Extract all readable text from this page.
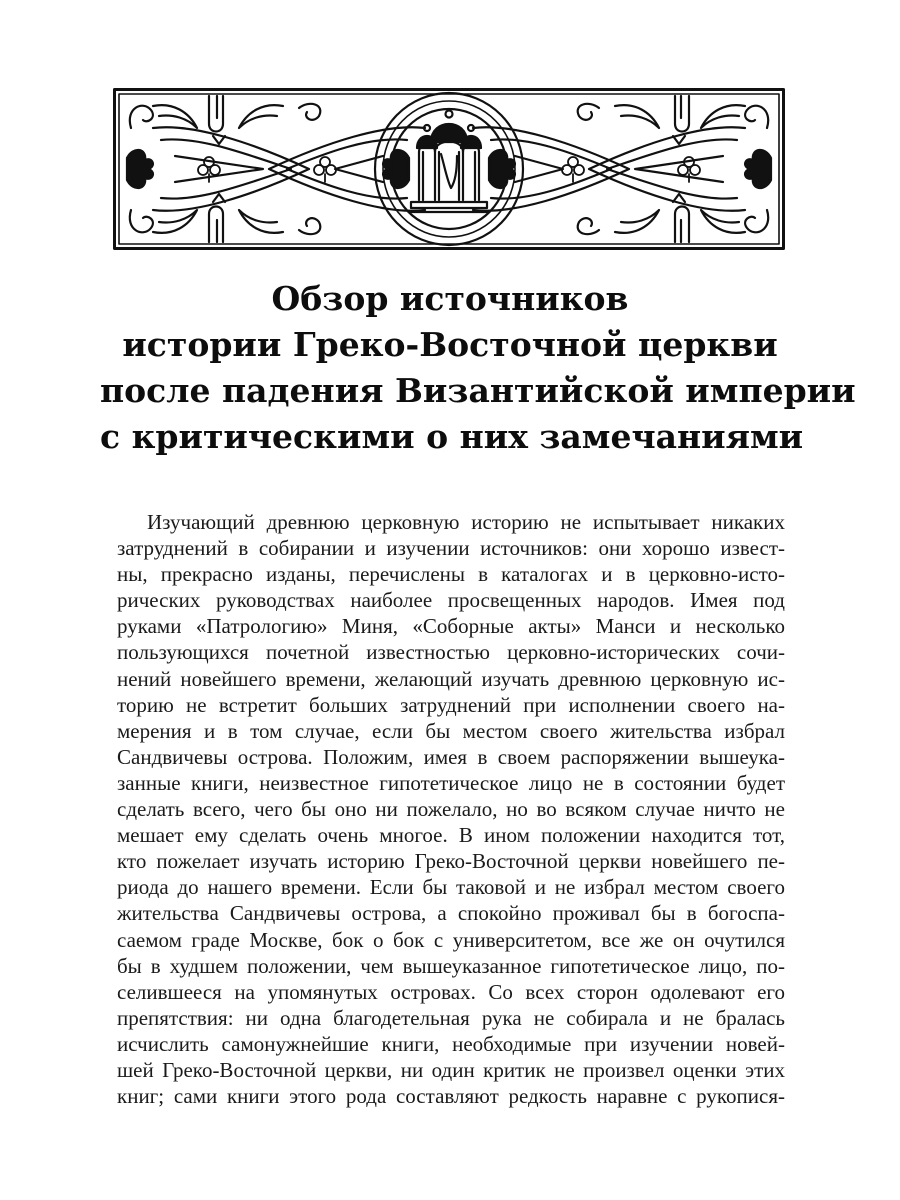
Обзор источников
истории Греко-Восточной церкви
после падения Византийской империи
с критическими о них замечаниями
Изучающий древнюю церковную историю не испытывает никаких
затруднений в собирании и изучении источников: они хорошо извест-
ны, прекрасно изданы, перечислены в каталогах и в церковно-исто-
рических руководствах наиболее просвещенных народов. Имея под
руками «Патрологию» Миня, «Соборные акты» Манси и несколько
пользующихся почетной известностью церковно-исторических сочи-
нений новейшего времени, желающий изучать древнюю церковную ис-
торию не встретит больших затруднений при исполнении своего на-
мерения и в том случае, если бы местом своего жительства избрал
Сандвичевы острова. Положим, имея в своем распоряжении вышеука-
занные книги, неизвестное гипотетическое лицо не в состоянии будет
сделать всего, чего бы оно ни пожелало, но во всяком случае ничто не
мешает ему сделать очень многое. В ином положении находится тот,
кто пожелает изучать историю Греко-Восточной церкви новейшего пе-
риода до нашего времени. Если бы таковой и не избрал местом своего
жительства Сандвичевы острова, а спокойно проживал бы в богоспа-
саемом граде Москве, бок о бок с университетом, все же он очутился
бы в худшем положении, чем вышеуказанное гипотетическое лицо, по-
селившееся на упомянутых островах. Со всех сторон одолевают его
препятствия: ни одна благодетельная рука не собирала и не бралась
исчислить самонужнейшие книги, необходимые при изучении новей-
шей Греко-Восточной церкви, ни один критик не произвел оценки этих
книг; сами книги этого рода составляют редкость наравне с рукопися-
